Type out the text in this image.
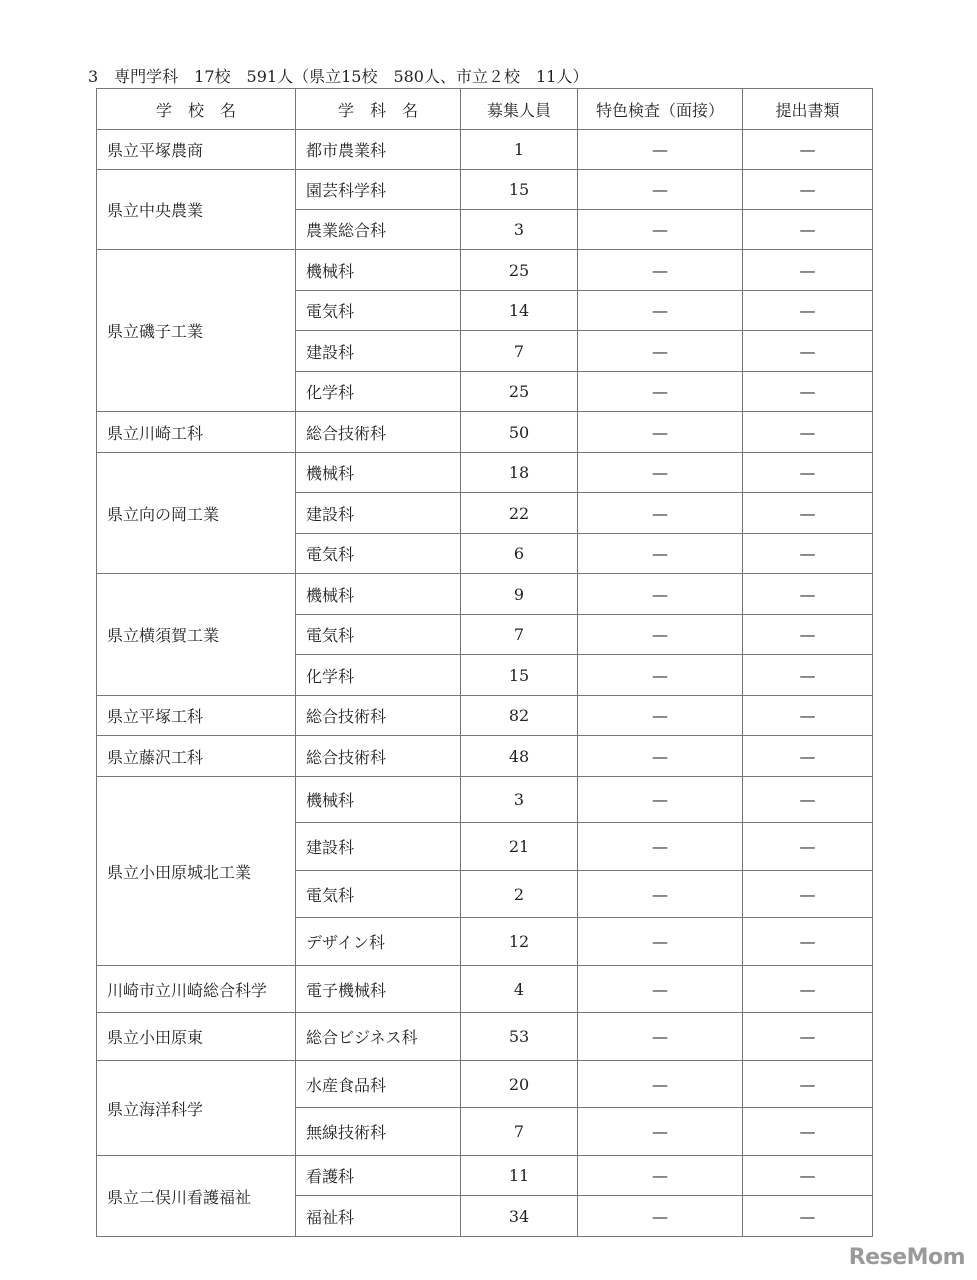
3　専門学科　17校　591人（県立15校　580人、市立２校　11人）
学　校　名	学　科　名	募集人員	特色検査（面接）	提出書類
県立平塚農商	都市農業科	1	—	—
県立中央農業	園芸科学科	15	—	—
	農業総合科	3	—	—
県立磯子工業	機械科	25	—	—
	電気科	14	—	—
	建設科	7	—	—
	化学科	25	—	—
県立川崎工科	総合技術科	50	—	—
県立向の岡工業	機械科	18	—	—
	建設科	22	—	—
	電気科	6	—	—
県立横須賀工業	機械科	9	—	—
	電気科	7	—	—
	化学科	15	—	—
県立平塚工科	総合技術科	82	—	—
県立藤沢工科	総合技術科	48	—	—
県立小田原城北工業	機械科	3	—	—
	建設科	21	—	—
	電気科	2	—	—
	デザイン科	12	—	—
川崎市立川崎総合科学	電子機械科	4	—	—
県立小田原東	総合ビジネス科	53	—	—
県立海洋科学	水産食品科	20	—	—
	無線技術科	7	—	—
県立二俣川看護福祉	看護科	11	—	—
	福祉科	34	—	—
ReseMom
